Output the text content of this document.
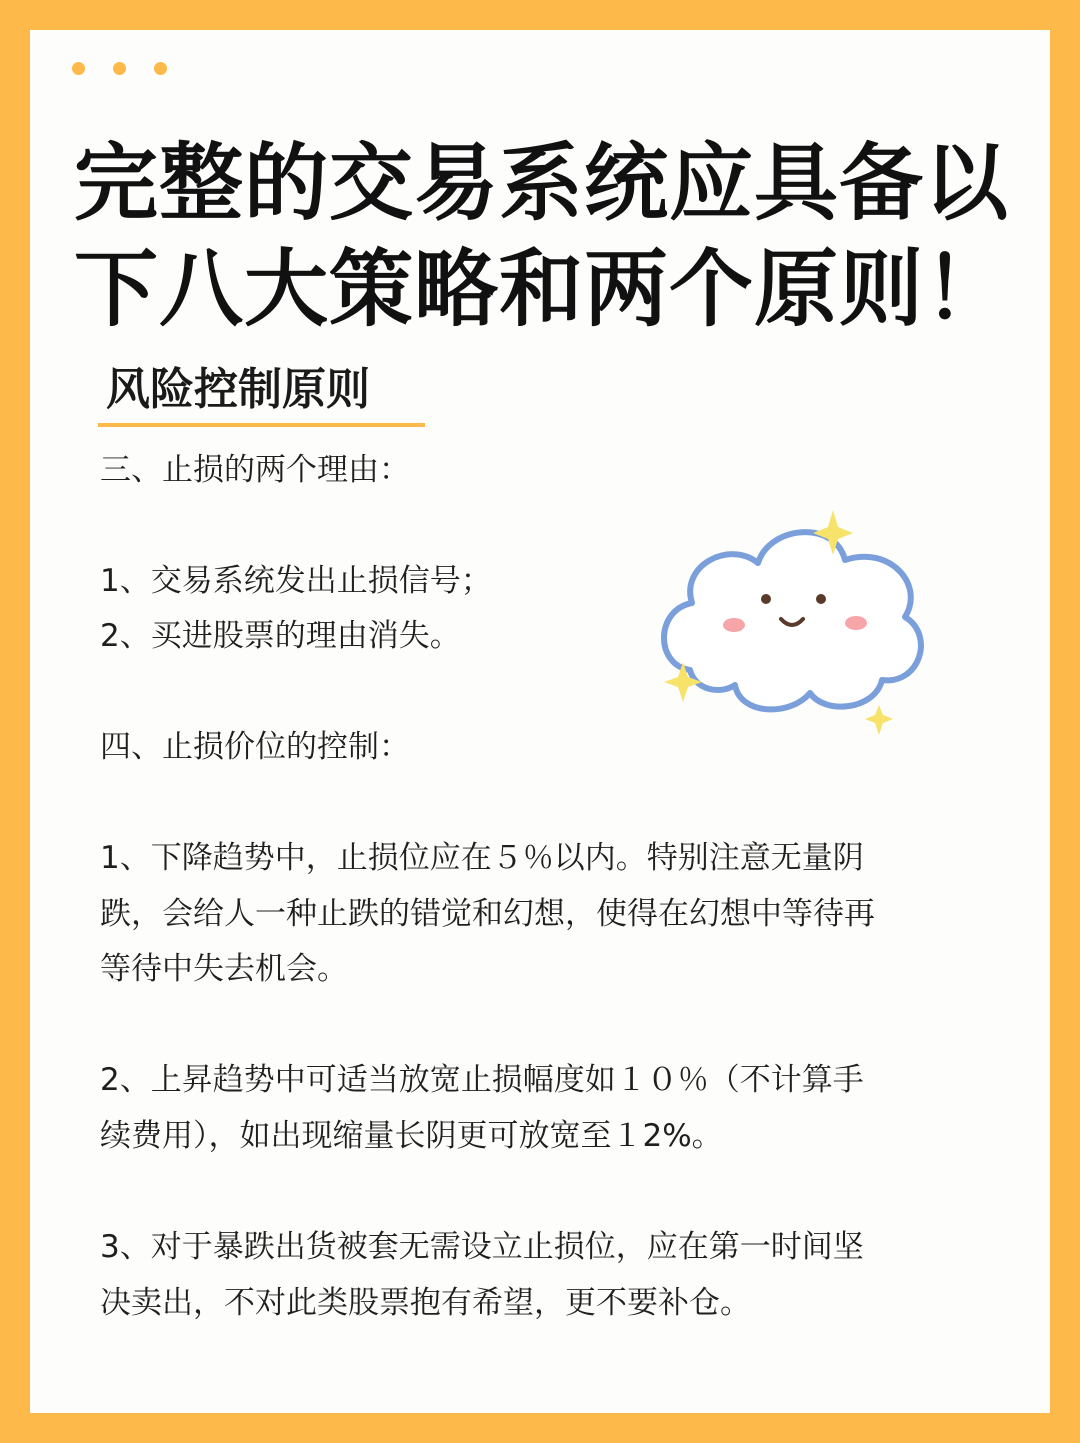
完整的交易系统应具备以
下八大策略和两个原则！
风险控制原则

三、止损的两个理由：

1、交易系统发出止损信号；

2、买进股票的理由消失。

四、止损价位的控制：

1、下降趋势中，止损位应在５％以内。特别注意无量阴

跌，会给人一种止跌的错觉和幻想，使得在幻想中等待再

等待中失去机会。

2、上昇趋势中可适当放宽止损幅度如１０％（不计算手

续费用），如出现缩量长阴更可放宽至１2%。

3、对于暴跌出货被套无需设立止损位，应在第一时间坚

决卖出，不对此类股票抱有希望，更不要补仓。
